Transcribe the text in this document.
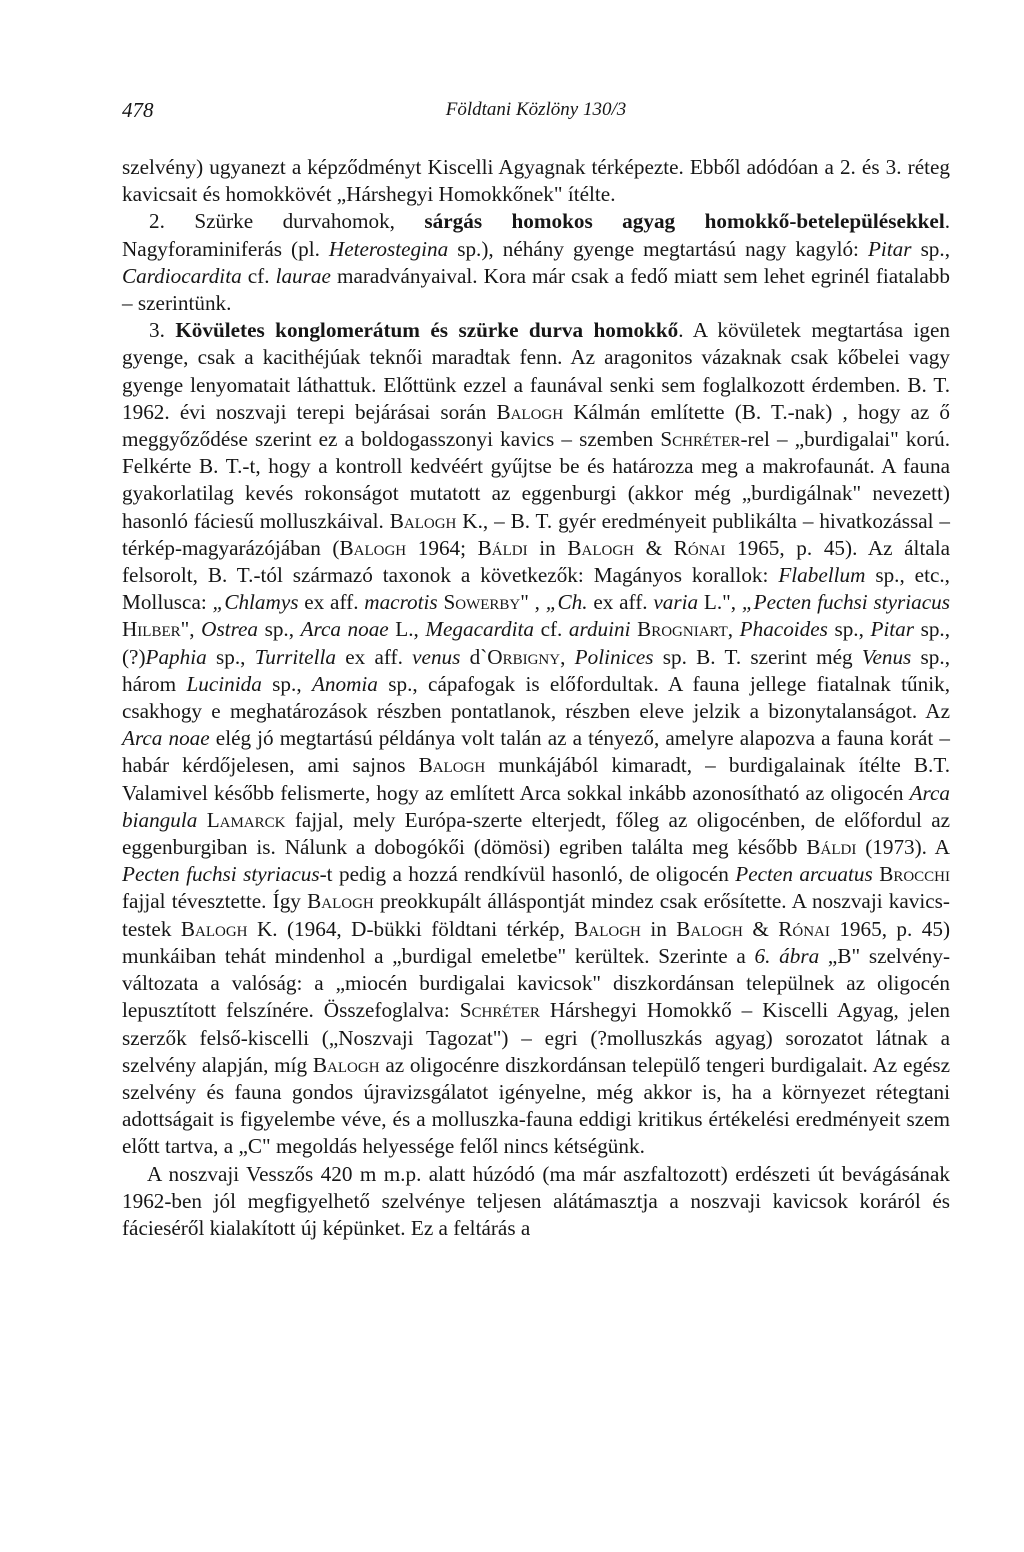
478	Földtani Közlöny 130/3

szelvény) ugyanezt a képződményt Kiscelli Agyagnak térképezte. Ebből adódóan a 2. és 3. réteg kavicsait és homokkövét „Hárshegyi Homokkőnek" ítélte.

2. Szürke durvahomok, sárgás homokos agyag homokkő-betelepülésekkel. Nagyforaminiferás (pl. Heterostegina sp.), néhány gyenge megtartású nagy kagyló: Pitar sp., Cardiocardita cf. laurae maradványaival. Kora már csak a fedő miatt sem lehet egrinél fiatalabb – szerintünk.

3. Kövületes konglomerátum és szürke durva homokkő. A kövületek megtartása igen gyenge, csak a kacithéjúak teknői maradtak fenn. Az aragonitos vázaknak csak kőbelei vagy gyenge lenyomatait láthattuk. Előttünk ezzel a faunával senki sem foglalkozott érdemben. B. T. 1962. évi noszvaji terepi bejárásai során Balogh Kálmán említette (B. T.-nak) , hogy az ő meggyőződése szerint ez a boldogasszonyi kavics – szemben Schréter-rel – „burdigalai" korú. Felkérte B. T.-t, hogy a kontroll kedvéért gyűjtse be és határozza meg a makrofaunát. A fauna gyakorlatilag kevés rokonságot mutatott az eggenburgi (akkor még „burdigálnak" nevezett) hasonló fáciesű molluszkáival. Balogh K., – B. T. gyér eredményeit publikálta – hivatkozással – térkép-magyarázójában (Balogh 1964; Báldi in Balogh & Rónai 1965, p. 45). Az általa felsorolt, B. T.-tól származó taxonok a következők: Magányos korallok: Flabellum sp., etc., Mollusca: „Chlamys ex aff. macrotis Sowerby" , „Ch. ex aff. varia L.", „Pecten fuchsi styriacus Hilber", Ostrea sp., Arca noae L., Megacardita cf. arduini Brogniart, Phacoides sp., Pitar sp., (?)Paphia sp., Turritella ex aff. venus d`Orbigny, Polinices sp. B. T. szerint még Venus sp., három Lucinida sp., Anomia sp., cápafogak is előfordultak. A fauna jellege fiatalnak tűnik, csakhogy e meghatározások részben pontatlanok, részben eleve jelzik a bizonytalanságot. Az Arca noae elég jó megtartású példánya volt talán az a tényező, amelyre alapozva a fauna korát – habár kérdőjelesen, ami sajnos Balogh munkájából kimaradt, – burdigalainak ítélte B.T. Valamivel később felismerte, hogy az említett Arca sokkal inkább azonosítható az oligocén Arca biangula Lamarck fajjal, mely Európa-szerte elterjedt, főleg az oligocénben, de előfordul az eggenburgiban is. Nálunk a dobogókői (dömösi) egriben találta meg később Báldi (1973). A Pecten fuchsi styriacus-t pedig a hozzá rendkívül hasonló, de oligocén Pecten arcuatus Brocchi fajjal tévesztette. Így Balogh preokkupált álláspontját mindez csak erősítette. A noszvaji kavics-testek Balogh K. (1964, D-bükki földtani térkép, Balogh in Balogh & Rónai 1965, p. 45) munkáiban tehát mindenhol a „burdigal emeletbe" kerültek. Szerinte a 6. ábra „B" szelvény-változata a valóság: a „miocén burdigalai kavicsok" diszkordánsan települnek az oligocén lepusztított felszínére. Összefoglalva: Schréter Hárshegyi Homokkő – Kiscelli Agyag, jelen szerzők felső-kiscelli („Noszvaji Tagozat") – egri (?molluszkás agyag) sorozatot látnak a szelvény alapján, míg Balogh az oligocénre diszkordánsan települő tengeri burdigalait. Az egész szelvény és fauna gondos újravizsgálatot igényelne, még akkor is, ha a környezet rétegtani adottságait is figyelembe véve, és a molluszka-fauna eddigi kritikus értékelési eredményeit szem előtt tartva, a „C" megoldás helyessége felől nincs kétségünk.

A noszvaji Vesszős 420 m m.p. alatt húzódó (ma már aszfaltozott) erdészeti út bevágásának 1962-ben jól megfigyelhető szelvénye teljesen alátámasztja a noszvaji kavicsok koráról és fácieséről kialakított új képünket. Ez a feltárás a
